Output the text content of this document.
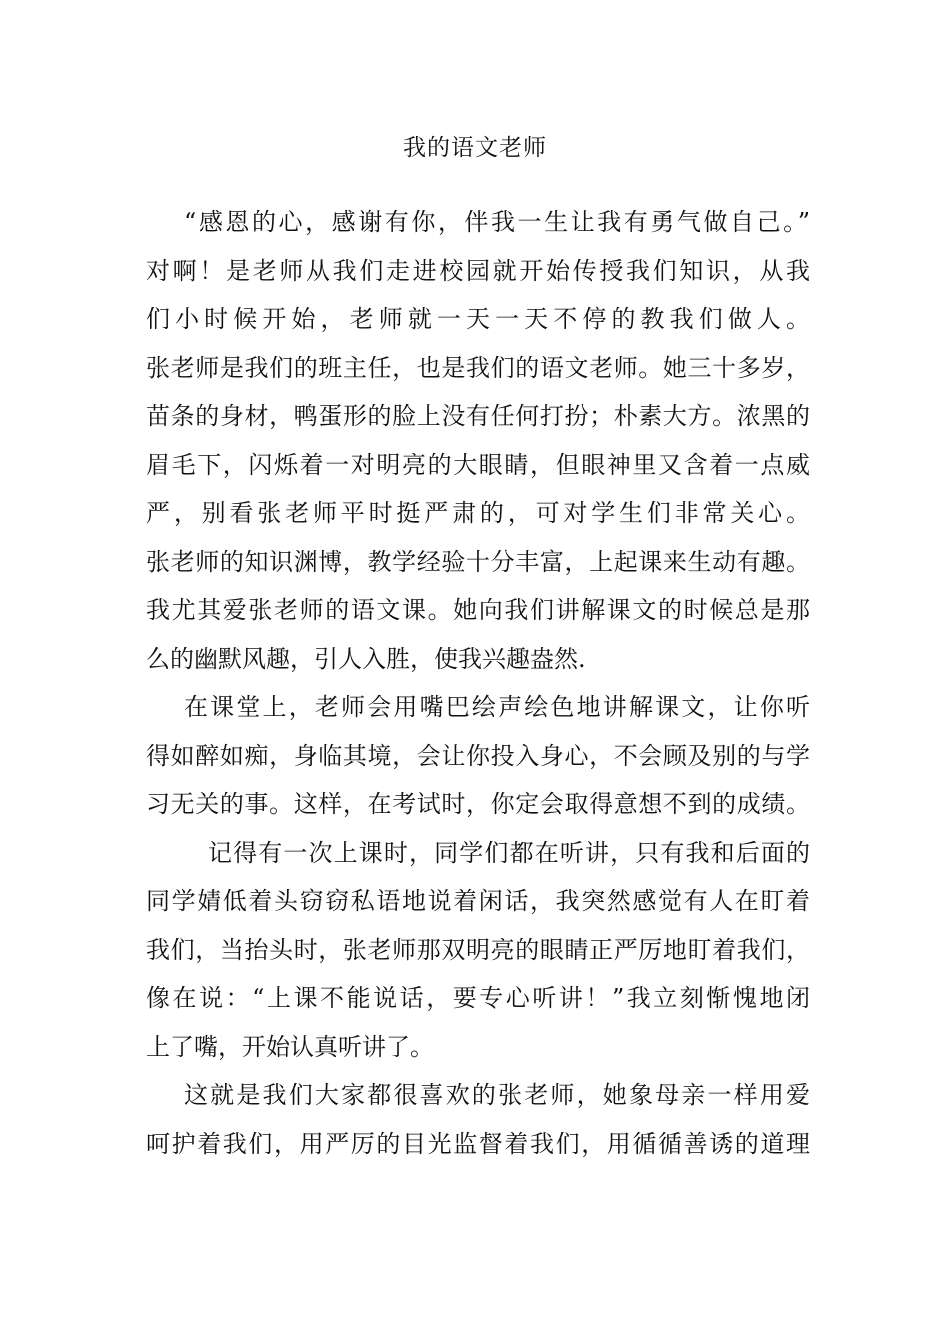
我的语文老师
“感恩的心，感谢有你，伴我一生让我有勇气做自己。”
对啊！是老师从我们走进校园就开始传授我们知识，从我
们小时候开始，老师就一天一天不停的教我们做人。
张老师是我们的班主任，也是我们的语文老师。她三十多岁，
苗条的身材，鸭蛋形的脸上没有任何打扮；朴素大方。浓黑的
眉毛下，闪烁着一对明亮的大眼睛，但眼神里又含着一点威
严，别看张老师平时挺严肃的，可对学生们非常关心。
张老师的知识渊博，教学经验十分丰富，上起课来生动有趣。
我尤其爱张老师的语文课。她向我们讲解课文的时候总是那
么的幽默风趣，引人入胜，使我兴趣盎然.
在课堂上，老师会用嘴巴绘声绘色地讲解课文，让你听
得如醉如痴，身临其境，会让你投入身心，不会顾及别的与学
习无关的事。这样，在考试时，你定会取得意想不到的成绩。
记得有一次上课时，同学们都在听讲，只有我和后面的
同学婧低着头窃窃私语地说着闲话，我突然感觉有人在盯着
我们，当抬头时，张老师那双明亮的眼睛正严厉地盯着我们，
像在说：“上课不能说话，要专心听讲！”我立刻惭愧地闭
上了嘴，开始认真听讲了。
这就是我们大家都很喜欢的张老师，她象母亲一样用爱
呵护着我们，用严厉的目光监督着我们，用循循善诱的道理
